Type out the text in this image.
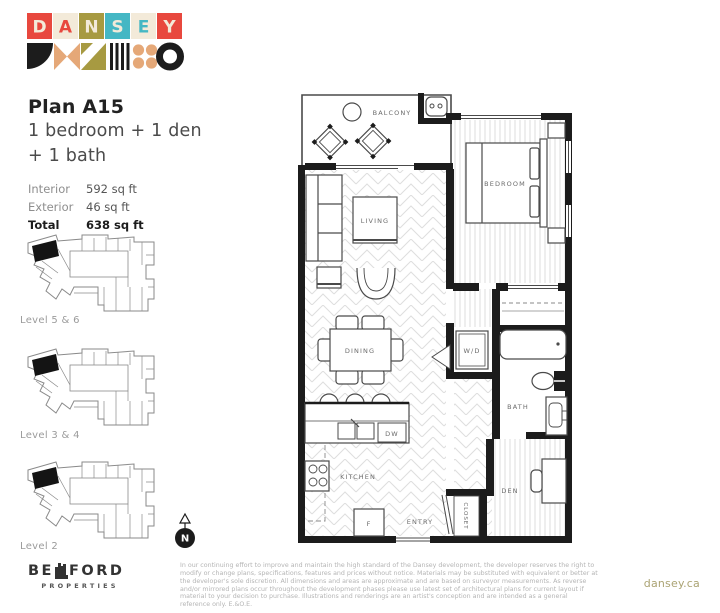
D A N S E Y
Plan A15
1 bedroom + 1 den
+ 1 bath
Interior	592 sq ft
Exterior	46 sq ft
Total	638 sq ft
Level 5 & 6
Level 3 & 4
Level 2
N
BALCONY
BEDROOM
LIVING
DINING	W/D
BATH
KITCHEN
DW
F	ENTRY	CLOSET
DEN
BE FORD
PROPERTIES

In our continuing effort to improve and maintain the high standard of the Dansey development, the developer reserves the right to modify or change plans, specifications, features and prices without notice. Materials may be substituted with equivalent or better at the developer's sole discretion. All dimensions and areas are approximate and are based on surveyor measurements. As reverse and/or mirrored plans occur throughout the development phases please use latest set of architectural plans for current layout if material to your decision to purchase. Illustrations and renderings are an artist's conception and are intended as a general reference only. E.&O.E.

dansey.ca
